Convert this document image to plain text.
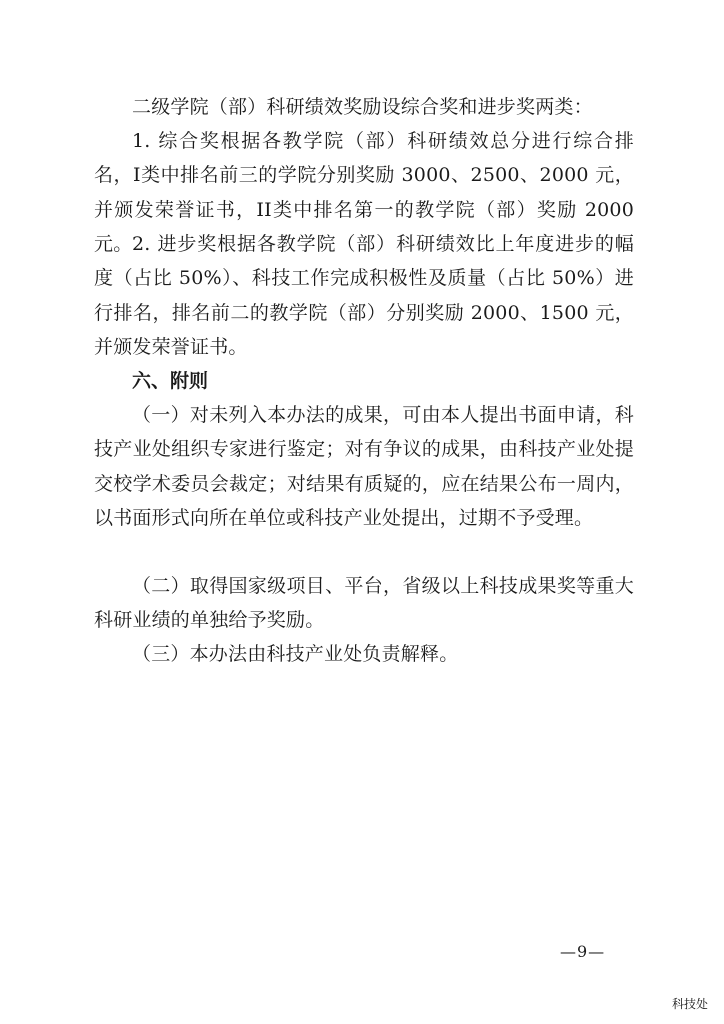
二级学院（部）科研绩效奖励设综合奖和进步奖两类：

1. 综合奖根据各教学院（部）科研绩效总分进行综合排名，I类中排名前三的学院分别奖励 3000、2500、2000 元，并颁发荣誉证书，II类中排名第一的教学院（部）奖励 2000 元。 2. 进步奖根据各教学院（部）科研绩效比上年度进步的幅度（占比 50%）、科技工作完成积极性及质量（占比 50%）进行排名，排名前二的教学院（部）分别奖励 2000、1500 元，并颁发荣誉证书。

六、附则

（一）对未列入本办法的成果，可由本人提出书面申请，科技产业处组织专家进行鉴定；对有争议的成果，由科技产业处提交校学术委员会裁定；对结果有质疑的，应在结果公布一周内，以书面形式向所在单位或科技产业处提出，过期不予受理。

（二）取得国家级项目、平台，省级以上科技成果奖等重大科研业绩的单独给予奖励。

（三）本办法由科技产业处负责解释。

—9—
科技处
